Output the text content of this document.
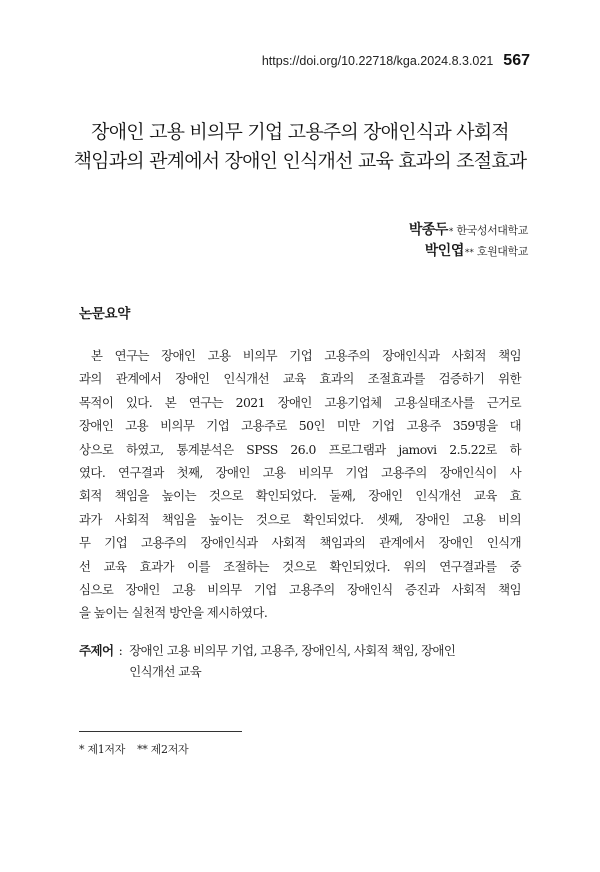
https://doi.org/10.22718/kga.2024.8.3.021 567
장애인 고용 비의무 기업 고용주의 장애인식과 사회적
책임과의 관계에서 장애인 인식개선 교육 효과의 조절효과
박종두* 한국성서대학교
박인엽** 호원대학교
논문요약
본 연구는 장애인 고용 비의무 기업 고용주의 장애인식과 사회적 책임
과의 관계에서 장애인 인식개선 교육 효과의 조절효과를 검증하기 위한
목적이 있다. 본 연구는 2021 장애인 고용기업체 고용실태조사를 근거로
장애인 고용 비의무 기업 고용주로 50인 미만 기업 고용주 359명을 대
상으로 하였고, 통계분석은 SPSS 26.0 프로그램과 jamovi 2.5.22로 하
였다. 연구결과 첫째, 장애인 고용 비의무 기업 고용주의 장애인식이 사
회적 책임을 높이는 것으로 확인되었다. 둘째, 장애인 인식개선 교육 효
과가 사회적 책임을 높이는 것으로 확인되었다. 셋째, 장애인 고용 비의
무 기업 고용주의 장애인식과 사회적 책임과의 관계에서 장애인 인식개
선 교육 효과가 이를 조절하는 것으로 확인되었다. 위의 연구결과를 중
심으로 장애인 고용 비의무 기업 고용주의 장애인식 증진과 사회적 책임
을 높이는 실천적 방안을 제시하였다.
주제어 : 장애인 고용 비의무 기업, 고용주, 장애인식, 사회적 책임, 장애인
인식개선 교육
* 제1저자 ** 제2저자
